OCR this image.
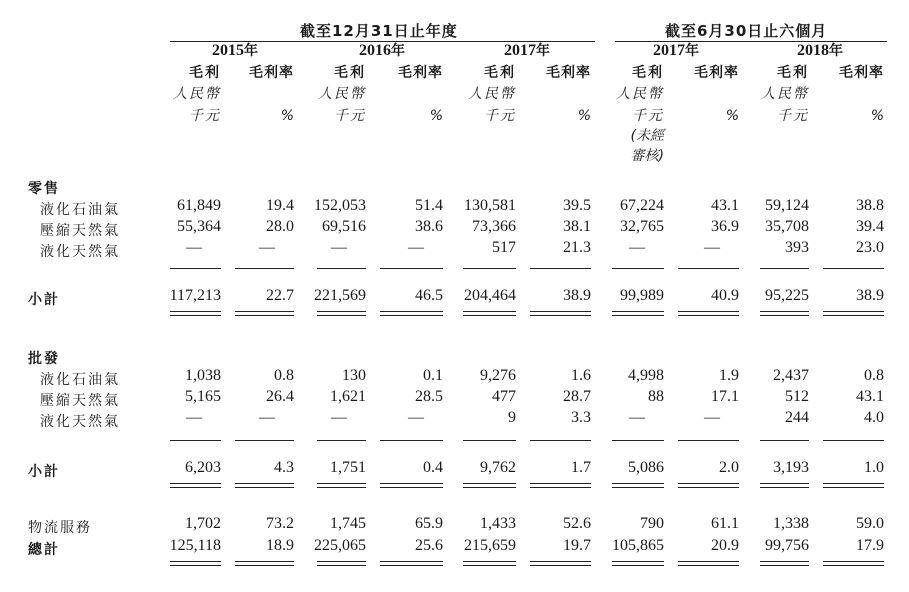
截至12月31日止年度	截至6月30日止六個月
2015年	2016年	2017年	2017年	2018年
毛利	毛利率
人民幣
千元	%
毛利	毛利率
人民幣
千元	%
毛利	毛利率
人民幣
千元	%
毛利	毛利率
人民幣
千元	%
(未經
審核)
毛利	毛利率
人民幣
千元	%
零售
液化石油氣	61,849	19.4	152,053	51.4	130,581	39.5	67,224	43.1	59,124	38.8
壓縮天然氣	55,364	28.0	69,516	38.6	73,366	38.1	32,765	36.9	35,708	39.4
液化天然氣	—	—	—	—	517	21.3	—	—	393	23.0
小計	117,213	22.7	221,569	46.5	204,464	38.9	99,989	40.9	95,225	38.9
批發
液化石油氣	1,038	0.8	130	0.1	9,276	1.6	4,998	1.9	2,437	0.8
壓縮天然氣	5,165	26.4	1,621	28.5	477	28.7	88	17.1	512	43.1
液化天然氣	—	—	—	—	9	3.3	—	—	244	4.0
小計	6,203	4.3	1,751	0.4	9,762	1.7	5,086	2.0	3,193	1.0
物流服務	1,702	73.2	1,745	65.9	1,433	52.6	790	61.1	1,338	59.0
總計	125,118	18.9	225,065	25.6	215,659	19.7	105,865	20.9	99,756	17.9
